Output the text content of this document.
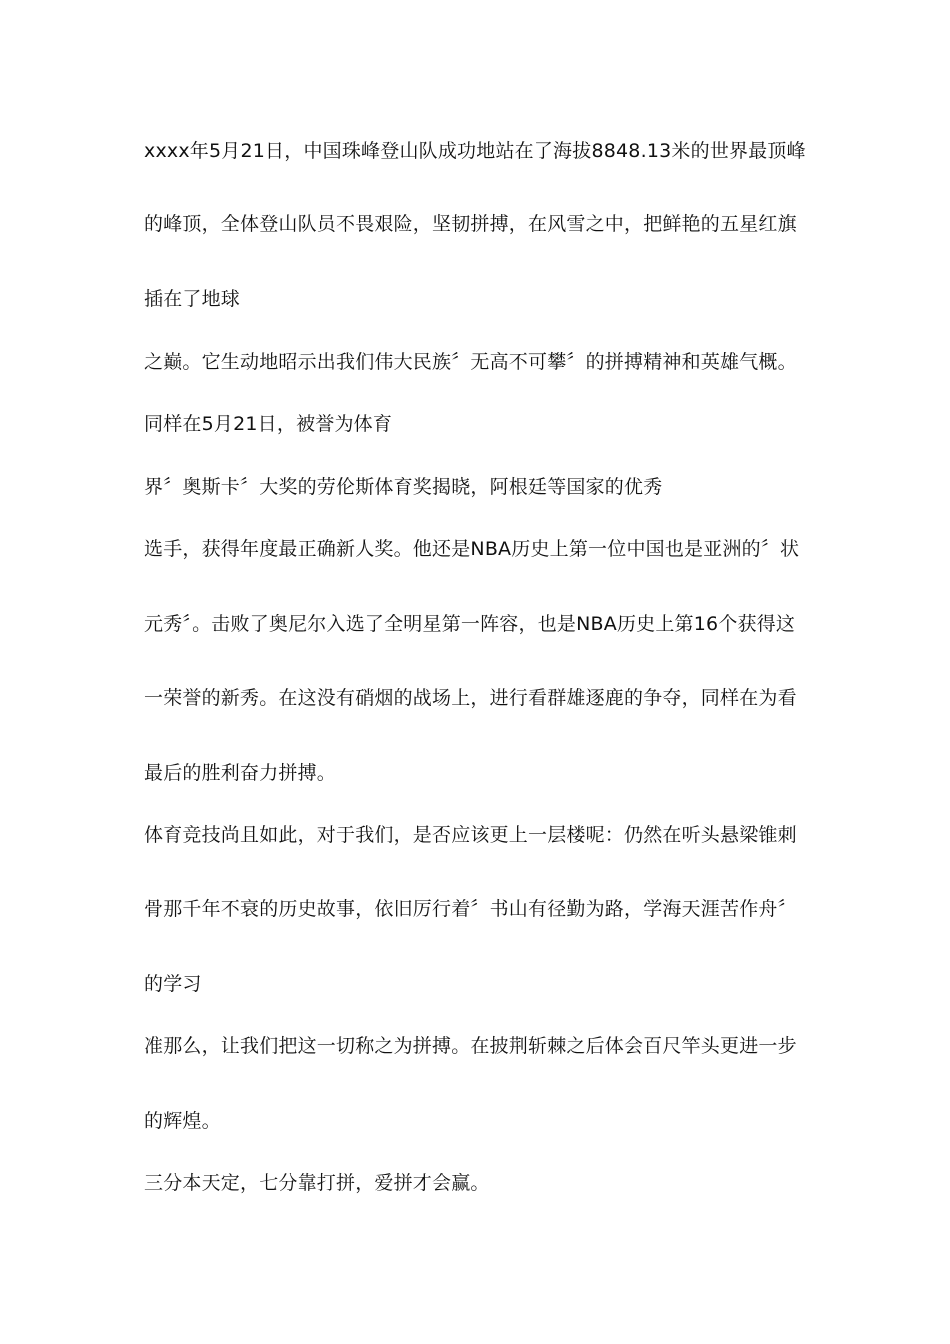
xxxx年5月21日，中国珠峰登山队成功地站在了海拔8848.13米的世界最顶峰
的峰顶，全体登山队员不畏艰险，坚韧拼搏，在风雪之中，把鲜艳的五星红旗
插在了地球
之巅。它生动地昭示出我们伟大民族〞无高不可攀〞的拼搏精神和英雄气概。
同样在5月21日，被誉为体育
界〞奥斯卡〞大奖的劳伦斯体育奖揭晓，阿根廷等国家的优秀
选手，获得年度最正确新人奖。他还是NBA历史上第一位中国也是亚洲的〞状
元秀〞。击败了奥尼尔入选了全明星第一阵容，也是NBA历史上第16个获得这
一荣誉的新秀。在这没有硝烟的战场上，进行看群雄逐鹿的争夺，同样在为看
最后的胜利奋力拼搏。
体育竞技尚且如此，对于我们，是否应该更上一层楼呢：仍然在听头悬梁锥刺
骨那千年不衰的历史故事，依旧厉行着〞书山有径勤为路，学海天涯苦作舟〞
的学习
准那么，让我们把这一切称之为拼搏。在披荆斩棘之后体会百尺竿头更进一步
的辉煌。
三分本天定，七分靠打拼，爱拼才会赢。
